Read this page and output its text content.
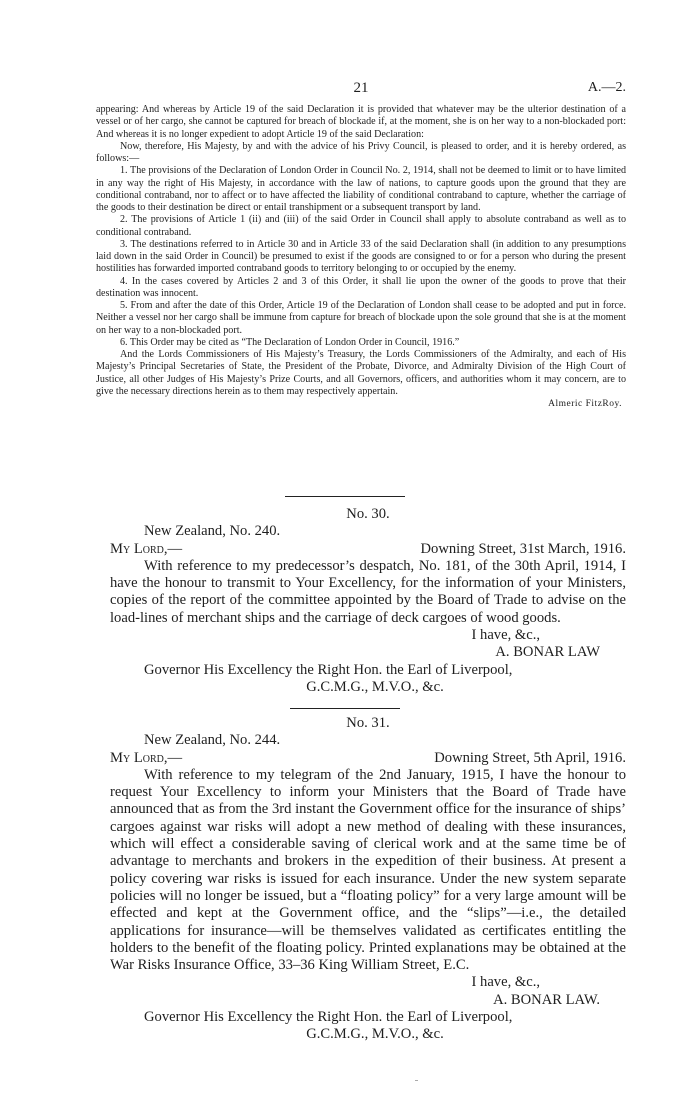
21	A.—2.

appearing: And whereas by Article 19 of the said Declaration it is provided that whatever may be the ulterior destination of a vessel or of her cargo, she cannot be captured for breach of blockade if, at the moment, she is on her way to a non-blockaded port: And whereas it is no longer expedient to adopt Article 19 of the said Declaration:

Now, therefore, His Majesty, by and with the advice of his Privy Council, is pleased to order, and it is hereby ordered, as follows:—

1. The provisions of the Declaration of London Order in Council No. 2, 1914, shall not be deemed to limit or to have limited in any way the right of His Majesty, in accordance with the law of nations, to capture goods upon the ground that they are conditional contraband, nor to affect or to have affected the liability of conditional contraband to capture, whether the carriage of the goods to their destination be direct or entail transhipment or a subsequent transport by land.

2. The provisions of Article 1 (ii) and (iii) of the said Order in Council shall apply to absolute contraband as well as to conditional contraband.

3. The destinations referred to in Article 30 and in Article 33 of the said Declaration shall (in addition to any presumptions laid down in the said Order in Council) be presumed to exist if the goods are consigned to or for a person who during the present hostilities has forwarded imported contraband goods to territory belonging to or occupied by the enemy.

4. In the cases covered by Articles 2 and 3 of this Order, it shall lie upon the owner of the goods to prove that their destination was innocent.

5. From and after the date of this Order, Article 19 of the Declaration of London shall cease to be adopted and put in force. Neither a vessel nor her cargo shall be immune from capture for breach of blockade upon the sole ground that she is at the moment on her way to a non-blockaded port.

6. This Order may be cited as “The Declaration of London Order in Council, 1916.”

And the Lords Commissioners of His Majesty’s Treasury, the Lords Commissioners of the Admiralty, and each of His Majesty’s Principal Secretaries of State, the President of the Probate, Divorce, and Admiralty Division of the High Court of Justice, all other Judges of His Majesty’s Prize Courts, and all Governors, officers, and authorities whom it may concern, are to give the necessary directions herein as to them may respectively appertain.

Almeric FitzRoy.

No. 30.
New Zealand, No. 240.
My Lord,—	Downing Street, 31st March, 1916.
With reference to my predecessor’s despatch, No. 181, of the 30th April, 1914, I have the honour to transmit to Your Excellency, for the information of your Ministers, copies of the report of the committee appointed by the Board of Trade to advise on the load-lines of merchant ships and the carriage of deck cargoes of wood goods.
I have, &c.,
A. BONAR LAW
Governor His Excellency the Right Hon. the Earl of Liverpool,
G.C.M.G., M.V.O., &c.
No. 31.
New Zealand, No. 244.
My Lord,—	Downing Street, 5th April, 1916.
With reference to my telegram of the 2nd January, 1915, I have the honour to request Your Excellency to inform your Ministers that the Board of Trade have announced that as from the 3rd instant the Government office for the insurance of ships’ cargoes against war risks will adopt a new method of dealing with these insurances, which will effect a considerable saving of clerical work and at the same time be of advantage to merchants and brokers in the expedition of their business. At present a policy covering war risks is issued for each insurance. Under the new system separate policies will no longer be issued, but a “floating policy” for a very large amount will be effected and kept at the Government office, and the “slips”—i.e., the detailed applications for insurance—will be themselves validated as certificates entitling the holders to the benefit of the floating policy. Printed explanations may be obtained at the War Risks Insurance Office, 33–36 King William Street, E.C.
I have, &c.,
A. BONAR LAW.
Governor His Excellency the Right Hon. the Earl of Liverpool,
G.C.M.G., M.V.O., &c.
